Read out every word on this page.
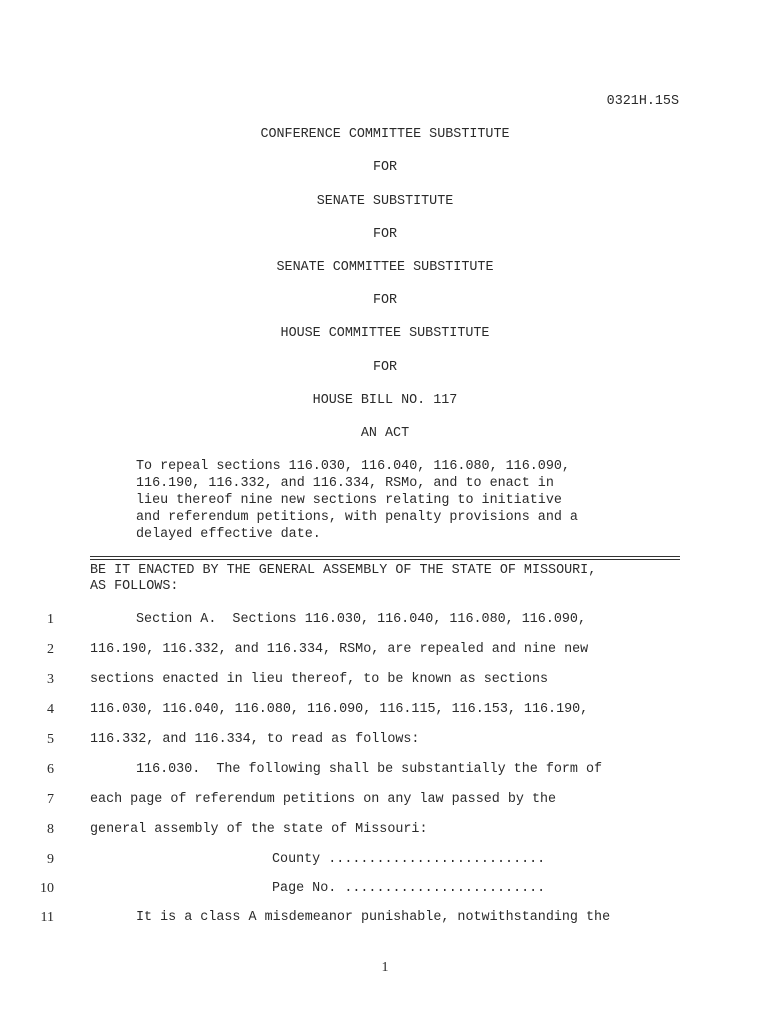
0321H.15S
CONFERENCE COMMITTEE SUBSTITUTE
FOR
SENATE SUBSTITUTE
FOR
SENATE COMMITTEE SUBSTITUTE
FOR
HOUSE COMMITTEE SUBSTITUTE
FOR
HOUSE BILL NO. 117
AN ACT
To repeal sections 116.030, 116.040, 116.080, 116.090,
116.190, 116.332, and 116.334, RSMo, and to enact in
lieu thereof nine new sections relating to initiative
and referendum petitions, with penalty provisions and a
delayed effective date.
BE IT ENACTED BY THE GENERAL ASSEMBLY OF THE STATE OF MISSOURI,
AS FOLLOWS:
1	Section A.  Sections 116.030, 116.040, 116.080, 116.090,
2	116.190, 116.332, and 116.334, RSMo, are repealed and nine new
3	sections enacted in lieu thereof, to be known as sections
4	116.030, 116.040, 116.080, 116.090, 116.115, 116.153, 116.190,
5	116.332, and 116.334, to read as follows:
6	116.030.  The following shall be substantially the form of
7	each page of referendum petitions on any law passed by the
8	general assembly of the state of Missouri:
9	County ...........................
10	Page No. .........................
11	It is a class A misdemeanor punishable, notwithstanding the
1
